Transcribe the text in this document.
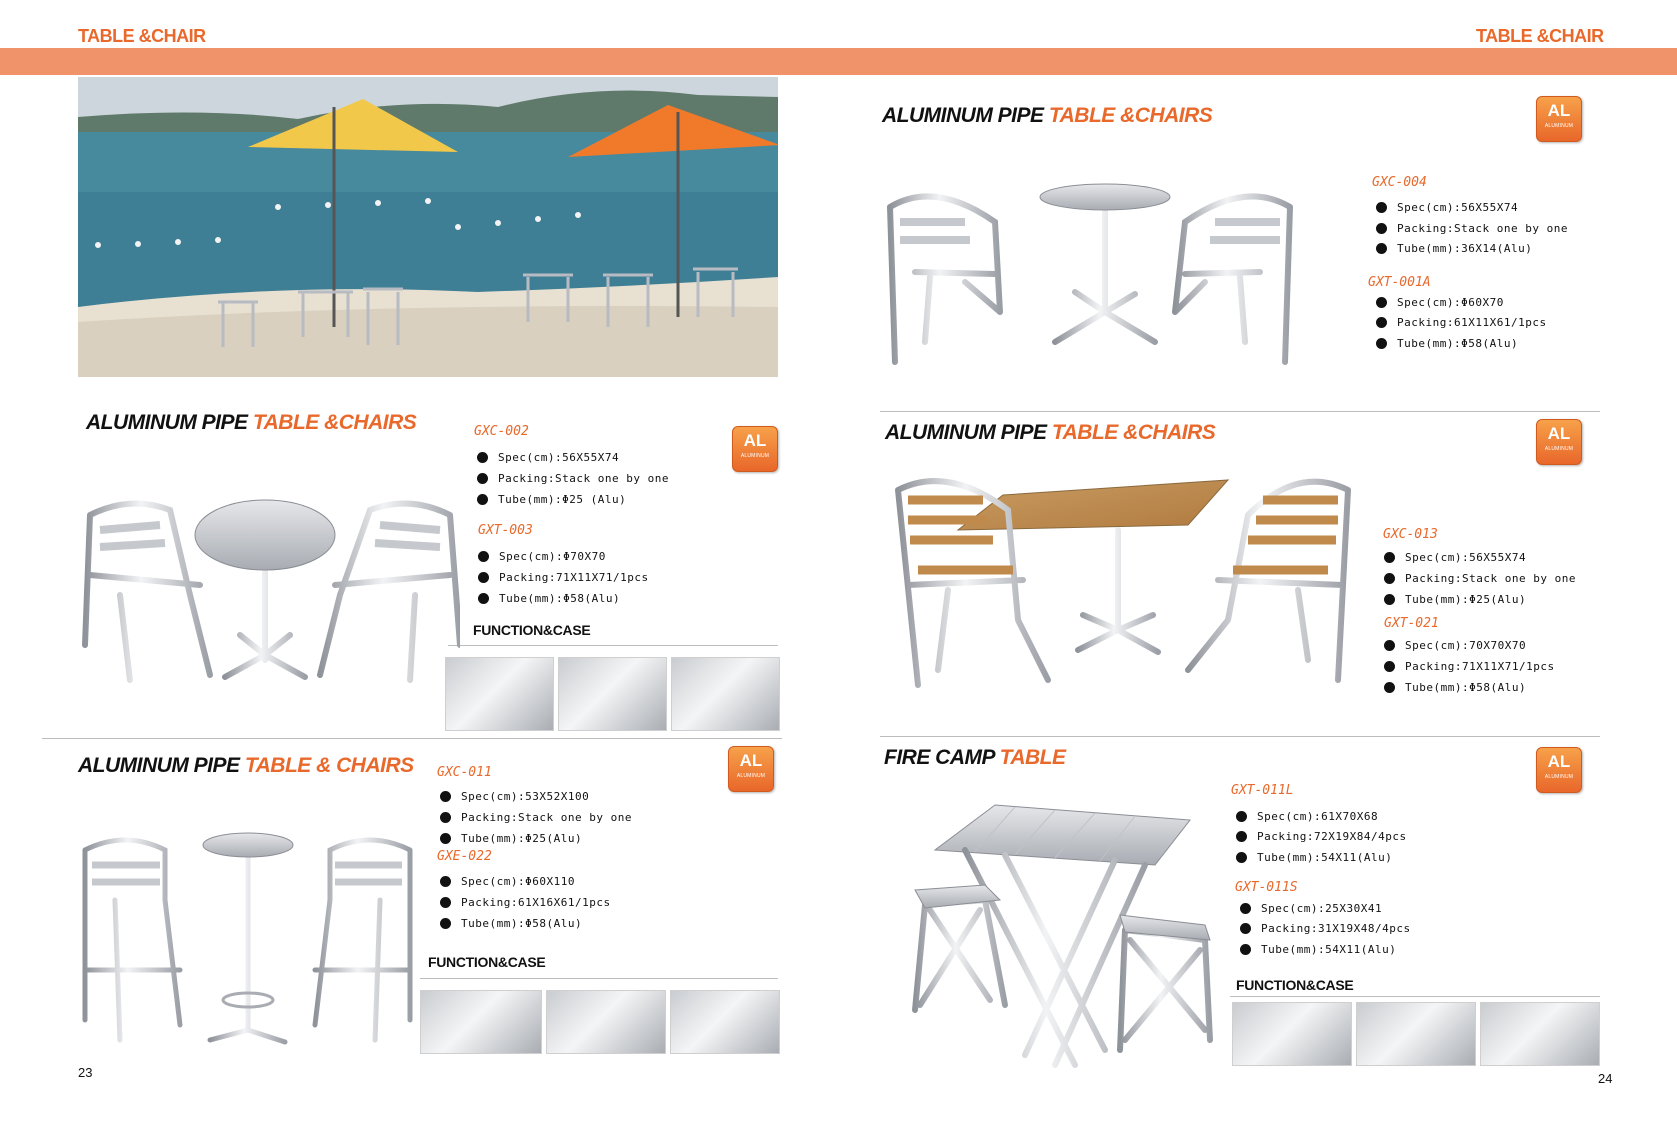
TABLE &CHAIR	TABLE &CHAIR
ALUMINUM PIPE TABLE &CHAIRS	GXC-002
Spec(cm):56X55X74
Packing:Stack one by one
Tube(mm):Φ25 (Alu)
GXT-003
Spec(cm):Φ70X70
Packing:71X11X71/1pcs
Tube(mm):Φ58(Alu)
AL
ALUMINUM
FUNCTION&CASE
ALUMINUM PIPE TABLE & CHAIRS GXC-011
Spec(cm):53X52X100
Packing:Stack one by one
Tube(mm):Φ25(Alu)
GXE-022
Spec(cm):Φ60X110
Packing:61X16X61/1pcs
Tube(mm):Φ58(Alu)
AL
ALUMINUM
FUNCTION&CASE
23
ALUMINUM PIPE TABLE &CHAIRS	AL
ALUMINUM
GXC-004
Spec(cm):56X55X74
Packing:Stack one by one
Tube(mm):36X14(Alu)
GXT-001A
Spec(cm):Φ60X70
Packing:61X11X61/1pcs
Tube(mm):Φ58(Alu)
ALUMINUM PIPE TABLE &CHAIRS	AL
ALUMINUM
GXC-013
Spec(cm):56X55X74
Packing:Stack one by one
Tube(mm):Φ25(Alu)
GXT-021
Spec(cm):70X70X70
Packing:71X11X71/1pcs
Tube(mm):Φ58(Alu)
FIRE CAMP TABLE	AL
ALUMINUM
GXT-011L
Spec(cm):61X70X68
Packing:72X19X84/4pcs
Tube(mm):54X11(Alu)
GXT-011S
Spec(cm):25X30X41
Packing:31X19X48/4pcs
Tube(mm):54X11(Alu)
FUNCTION&CASE
24
